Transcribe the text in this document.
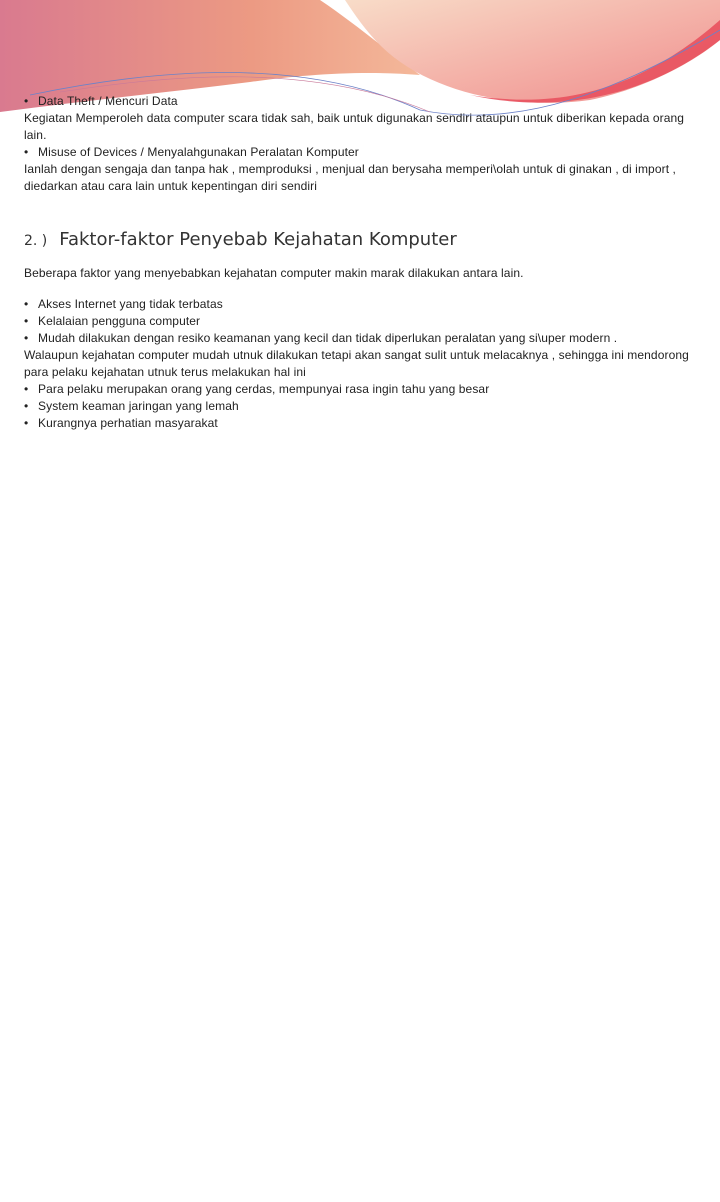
• Data Theft / Mencuri Data
Kegiatan Memperoleh data computer scara tidak sah, baik untuk digunakan sendiri ataupun untuk diberikan kepada orang lain.
• Misuse of Devices / Menyalahgunakan Peralatan Komputer
Ianlah dengan sengaja dan tanpa hak , memproduksi , menjual dan berysaha memperi\olah untuk di ginakan , di import , diedarkan atau cara lain untuk kepentingan diri sendiri
2. ) Faktor-faktor Penyebab Kejahatan Komputer
Beberapa faktor yang menyebabkan kejahatan computer makin marak dilakukan antara lain.
• Akses Internet yang tidak terbatas
• Kelalaian pengguna computer
• Mudah dilakukan dengan resiko keamanan yang kecil dan tidak diperlukan peralatan yang si\uper modern .
Walaupun kejahatan computer mudah utnuk dilakukan tetapi akan sangat sulit untuk melacaknya , sehingga ini mendorong para pelaku kejahatan utnuk terus melakukan hal ini
• Para pelaku merupakan orang yang cerdas, mempunyai rasa ingin tahu yang besar
• System keaman jaringan yang lemah
• Kurangnya perhatian masyarakat
